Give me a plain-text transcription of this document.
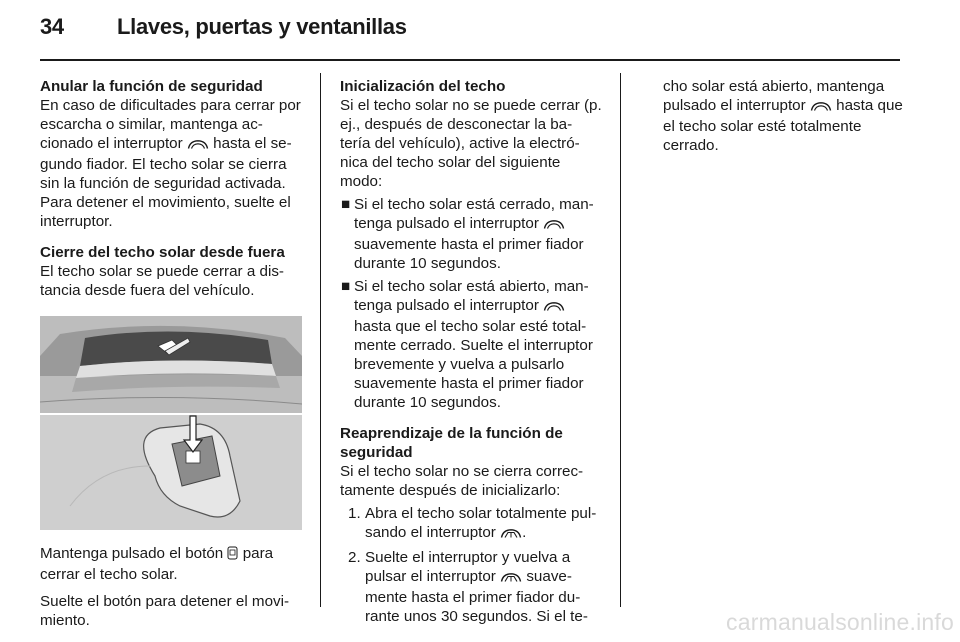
34 Llaves, puertas y ventanillas

Anular la función de seguridad

En caso de dificultades para cerrar por escarcha o similar, mantenga ac-cionado el interruptor hasta el se-gundo fiador. El techo solar se cierra sin la función de seguridad activada. Para detener el movimiento, suelte el interruptor.

Cierre del techo solar desde fuera

El techo solar se puede cerrar a dis-tancia desde fuera del vehículo.

Mantenga pulsado el botón para cerrar el techo solar.

Suelte el botón para detener el movi-miento.

Inicialización del techo

Si el techo solar no se puede cerrar (p. ej., después de desconectar la ba-tería del vehículo), active la electró-nica del techo solar del siguiente modo:

■ Si el techo solar está cerrado, man-tenga pulsado el interruptor  suavemente hasta el primer fiador durante 10 segundos.

■ Si el techo solar está abierto, man-tenga pulsado el interruptor  hasta que el techo solar esté total-mente cerrado. Suelte el interruptor brevemente y vuelva a pulsarlo suavemente hasta el primer fiador durante 10 segundos.

Reaprendizaje de la función de seguridad

Si el techo solar no se cierra correc-tamente después de inicializarlo:

1. Abra el techo solar totalmente pul-sando el interruptor .

2. Suelte el interruptor y vuelva a pulsar el interruptor suave-mente hasta el primer fiador du-rante unos 30 segundos. Si el te-

cho solar está abierto, mantenga pulsado el interruptor hasta que el techo solar esté totalmente cerrado.

carmanualsonline.info
